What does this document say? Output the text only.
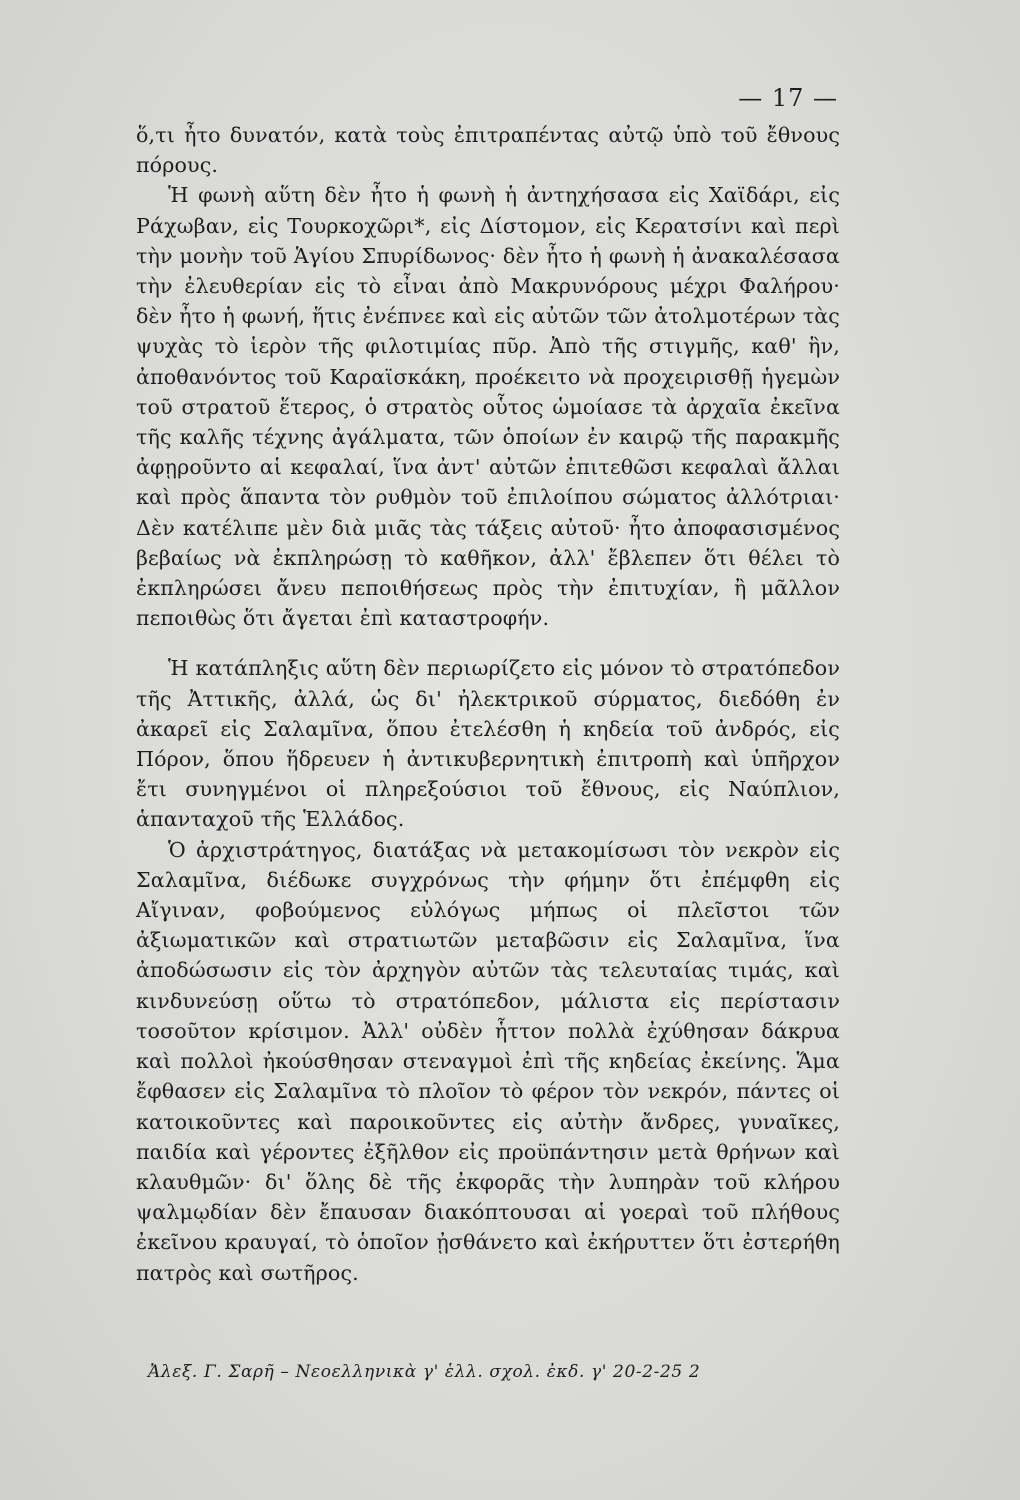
— 17 —

ὅ,τι ἦτο δυνατόν, κατὰ τοὺς ἐπιτραπέντας αὐτῷ ὑπὸ τοῦ ἔθνους πόρους.

Ἡ φωνὴ αὕτη δὲν ἦτο ἡ φωνὴ ἡ ἀντηχήσασα εἰς Χαϊδάρι, εἰς Ράχωβαν, εἰς Τουρκοχῶρι*, εἰς Δίστομον, εἰς Κερατσίνι καὶ περὶ τὴν μονὴν τοῦ Ἁγίου Σπυρίδωνος· δὲν ἦτο ἡ φωνὴ ἡ ἀνακαλέσασα τὴν ἐλευθερίαν εἰς τὸ εἶναι ἀπὸ Μακρυνόρους μέχρι Φαλήρου· δὲν ἦτο ἡ φωνή, ἥτις ἐνέπνεε καὶ εἰς αὐτῶν τῶν ἀτολμοτέρων τὰς ψυχὰς τὸ ἱερὸν τῆς φιλοτιμίας πῦρ. Ἀπὸ τῆς στιγμῆς, καθ' ἣν, ἀποθανόντος τοῦ Καραϊσκάκη, προέκειτο νὰ προχειρισθῇ ἡγεμὼν τοῦ στρατοῦ ἕτερος, ὁ στρατὸς οὗτος ὡμοίασε τὰ ἀρχαῖα ἐκεῖνα τῆς καλῆς τέχνης ἀγάλματα, τῶν ὁποίων ἐν καιρῷ τῆς παρακμῆς ἀφῃροῦντο αἱ κεφαλαί, ἵνα ἀντ' αὐτῶν ἐπιτεθῶσι κεφαλαὶ ἄλλαι καὶ πρὸς ἅπαντα τὸν ρυθμὸν τοῦ ἐπιλοίπου σώματος ἀλλότριαι· Δὲν κατέλιπε μὲν διὰ μιᾶς τὰς τάξεις αὐτοῦ· ἦτο ἀποφασισμένος βεβαίως νὰ ἐκπληρώσῃ τὸ καθῆκον, ἀλλ' ἔβλεπεν ὅτι θέλει τὸ ἐκπληρώσει ἄνευ πεποιθήσεως πρὸς τὴν ἐπιτυχίαν, ἢ μᾶλλον πεποιθὼς ὅτι ἄγεται ἐπὶ καταστροφήν.

Ἡ κατάπληξις αὕτη δὲν περιωρίζετο εἰς μόνον τὸ στρατόπεδον τῆς Ἀττικῆς, ἀλλά, ὡς δι' ἠλεκτρικοῦ σύρματος, διεδόθη ἐν ἀκαρεῖ εἰς Σαλαμῖνα, ὅπου ἐτελέσθη ἡ κηδεία τοῦ ἀνδρός, εἰς Πόρον, ὅπου ἥδρευεν ἡ ἀντικυβερνητικὴ ἐπιτροπὴ καὶ ὑπῆρχον ἔτι συνηγμένοι οἱ πληρεξούσιοι τοῦ ἔθνους, εἰς Ναύπλιον, ἁπανταχοῦ τῆς Ἑλλάδος.

Ὁ ἀρχιστράτηγος, διατάξας νὰ μετακομίσωσι τὸν νεκρὸν εἰς Σαλαμῖνα, διέδωκε συγχρόνως τὴν φήμην ὅτι ἐπέμφθη εἰς Αἴγιναν, φοβούμενος εὐλόγως μήπως οἱ πλεῖστοι τῶν ἀξιωματικῶν καὶ στρατιωτῶν μεταβῶσιν εἰς Σαλαμῖνα, ἵνα ἀποδώσωσιν εἰς τὸν ἀρχηγὸν αὐτῶν τὰς τελευταίας τιμάς, καὶ κινδυνεύσῃ οὕτω τὸ στρατόπεδον, μάλιστα εἰς περίστασιν τοσοῦτον κρίσιμον. Ἀλλ' οὐδὲν ἧττον πολλὰ ἐχύθησαν δάκρυα καὶ πολλοὶ ἠκούσθησαν στεναγμοὶ ἐπὶ τῆς κηδείας ἐκείνης. Ἅμα ἔφθασεν εἰς Σαλαμῖνα τὸ πλοῖον τὸ φέρον τὸν νεκρόν, πάντες οἱ κατοικοῦντες καὶ παροικοῦντες εἰς αὐτὴν ἄνδρες, γυναῖκες, παιδία καὶ γέροντες ἐξῆλθον εἰς προϋπάντησιν μετὰ θρήνων καὶ κλαυθμῶν· δι' ὅλης δὲ τῆς ἐκφορᾶς τὴν λυπηρὰν τοῦ κλήρου ψαλμῳδίαν δὲν ἔπαυσαν διακόπτουσαι αἱ γοεραὶ τοῦ πλήθους ἐκεῖνου κραυγαί, τὸ ὁποῖον ᾐσθάνετο καὶ ἐκήρυττεν ὅτι ἐστερήθη πατρὸς καὶ σωτῆρος.

Ἀλεξ. Γ. Σαρῆ – Νεοελληνικὰ γ' ἑλλ. σχολ. ἐκδ. γ' 20-2-25 2
